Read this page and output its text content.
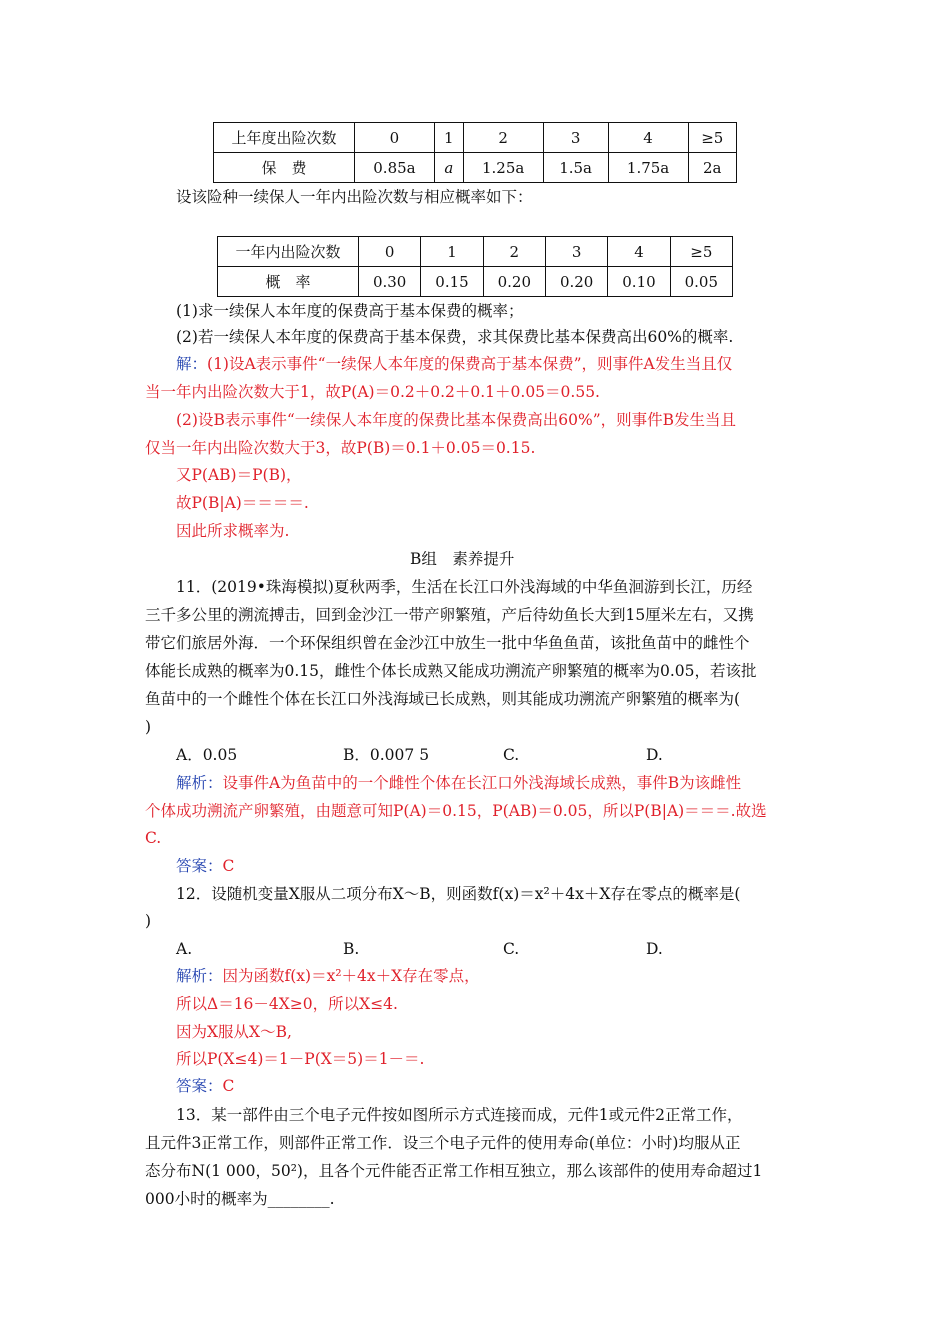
上年度出险次数	0	1	2	3	4	≥5
保　费	0.85a	a	1.25a	1.5a	1.75a	2a
设该险种一续保人一年内出险次数与相应概率如下：
一年内出险次数	0	1	2	3	4	≥5
概　率	0.30	0.15	0.20	0.20	0.10	0.05
(1)求一续保人本年度的保费高于基本保费的概率；
(2)若一续保人本年度的保费高于基本保费，求其保费比基本保费高出60%的概率.
解：(1)设A表示事件“一续保人本年度的保费高于基本保费”，则事件A发生当且仅
当一年内出险次数大于1，故P(A)＝0.2＋0.2＋0.1＋0.05＝0.55.
(2)设B表示事件“一续保人本年度的保费比基本保费高出60%”，则事件B发生当且
仅当一年内出险次数大于3，故P(B)＝0.1＋0.05＝0.15.
又P(AB)＝P(B)，
故P(B|A)＝＝＝＝.
因此所求概率为.
B组　素养提升
11．(2019•珠海模拟)夏秋两季，生活在长江口外浅海域的中华鱼洄游到长江，历经
三千多公里的溯流搏击，回到金沙江一带产卵繁殖，产后待幼鱼长大到15厘米左右，又携
带它们旅居外海．一个环保组织曾在金沙江中放生一批中华鱼鱼苗，该批鱼苗中的雌性个
体能长成熟的概率为0.15，雌性个体长成熟又能成功溯流产卵繁殖的概率为0.05，若该批
鱼苗中的一个雌性个体在长江口外浅海域已长成熟，则其能成功溯流产卵繁殖的概率为(
)
A．0.05	B．0.007 5	C.	D.
解析：设事件A为鱼苗中的一个雌性个体在长江口外浅海域长成熟，事件B为该雌性
个体成功溯流产卵繁殖，由题意可知P(A)＝0.15，P(AB)＝0.05，所以P(B|A)＝＝＝.故选
C.
答案：C
12．设随机变量X服从二项分布X～B，则函数f(x)＝x²＋4x＋X存在零点的概率是(
)
A.	B.	C.	D.
解析：因为函数f(x)＝x²＋4x＋X存在零点，
所以Δ＝16－4X≥0，所以X≤4.
因为X服从X～B,
所以P(X≤4)＝1－P(X＝5)＝1－＝.
答案：C
13．某一部件由三个电子元件按如图所示方式连接而成，元件1或元件2正常工作，
且元件3正常工作，则部件正常工作．设三个电子元件的使用寿命(单位：小时)均服从正
态分布N(1 000，50²)，且各个元件能否正常工作相互独立，那么该部件的使用寿命超过1
000小时的概率为________.
